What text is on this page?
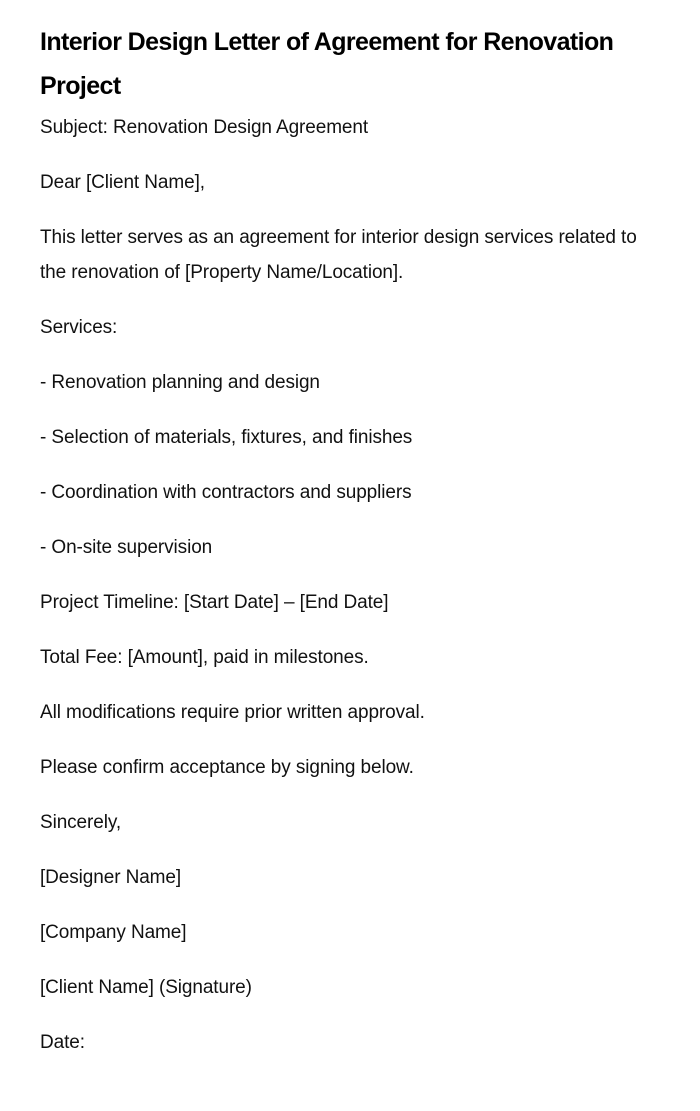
Interior Design Letter of Agreement for Renovation Project

Subject: Renovation Design Agreement

Dear [Client Name],

This letter serves as an agreement for interior design services related to the renovation of [Property Name/Location].

Services:

- Renovation planning and design

- Selection of materials, fixtures, and finishes

- Coordination with contractors and suppliers

- On-site supervision

Project Timeline: [Start Date] – [End Date]

Total Fee: [Amount], paid in milestones.

All modifications require prior written approval.

Please confirm acceptance by signing below.

Sincerely,

[Designer Name]

[Company Name]

[Client Name] (Signature)

Date:
